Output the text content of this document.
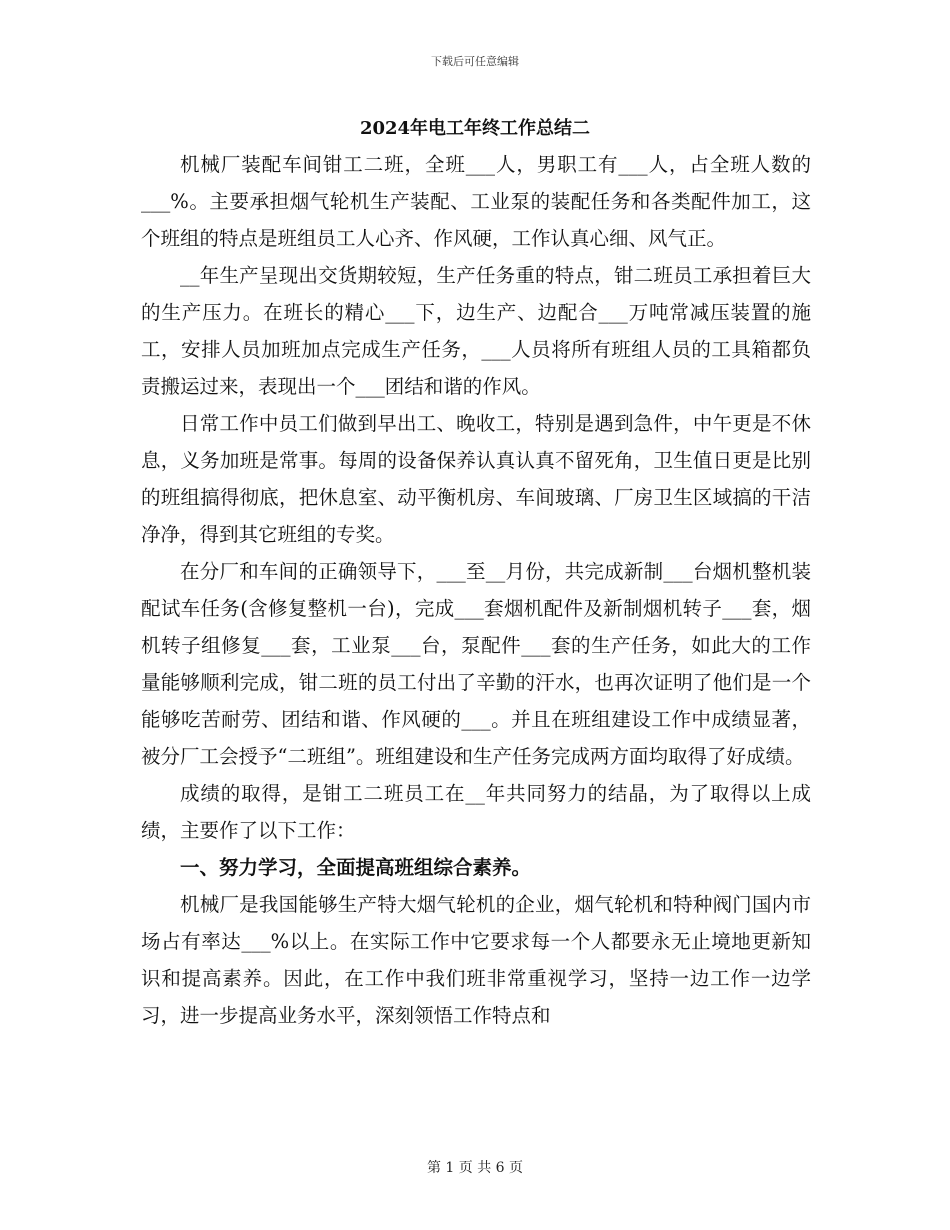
下载后可任意编辑
2024年电工年终工作总结二

机械厂装配车间钳工二班，全班___人，男职工有___人，占全班人数的___%。主要承担烟气轮机生产装配、工业泵的装配任务和各类配件加工，这个班组的特点是班组员工人心齐、作风硬，工作认真心细、风气正。

__年生产呈现出交货期较短，生产任务重的特点，钳二班员工承担着巨大的生产压力。在班长的精心___下，边生产、边配合___万吨常减压装置的施工，安排人员加班加点完成生产任务，___人员将所有班组人员的工具箱都负责搬运过来，表现出一个___团结和谐的作风。

日常工作中员工们做到早出工、晚收工，特别是遇到急件，中午更是不休息，义务加班是常事。每周的设备保养认真认真不留死角，卫生值日更是比别的班组搞得彻底，把休息室、动平衡机房、车间玻璃、厂房卫生区域搞的干洁净净，得到其它班组的专奖。

在分厂和车间的正确领导下，___至__月份，共完成新制___台烟机整机装配试车任务(含修复整机一台)，完成___套烟机配件及新制烟机转子___套，烟机转子组修复___套，工业泵___台，泵配件___套的生产任务，如此大的工作量能够顺利完成，钳二班的员工付出了辛勤的汗水，也再次证明了他们是一个能够吃苦耐劳、团结和谐、作风硬的___。并且在班组建设工作中成绩显著，被分厂工会授予“二班组”。班组建设和生产任务完成两方面均取得了好成绩。

成绩的取得，是钳工二班员工在__年共同努力的结晶，为了取得以上成绩，主要作了以下工作：

一、努力学习，全面提高班组综合素养。

机械厂是我国能够生产特大烟气轮机的企业，烟气轮机和特种阀门国内市场占有率达___%以上。在实际工作中它要求每一个人都要永无止境地更新知识和提高素养。因此，在工作中我们班非常重视学习，坚持一边工作一边学习，进一步提高业务水平，深刻领悟工作特点和

第 1 页 共 6 页
